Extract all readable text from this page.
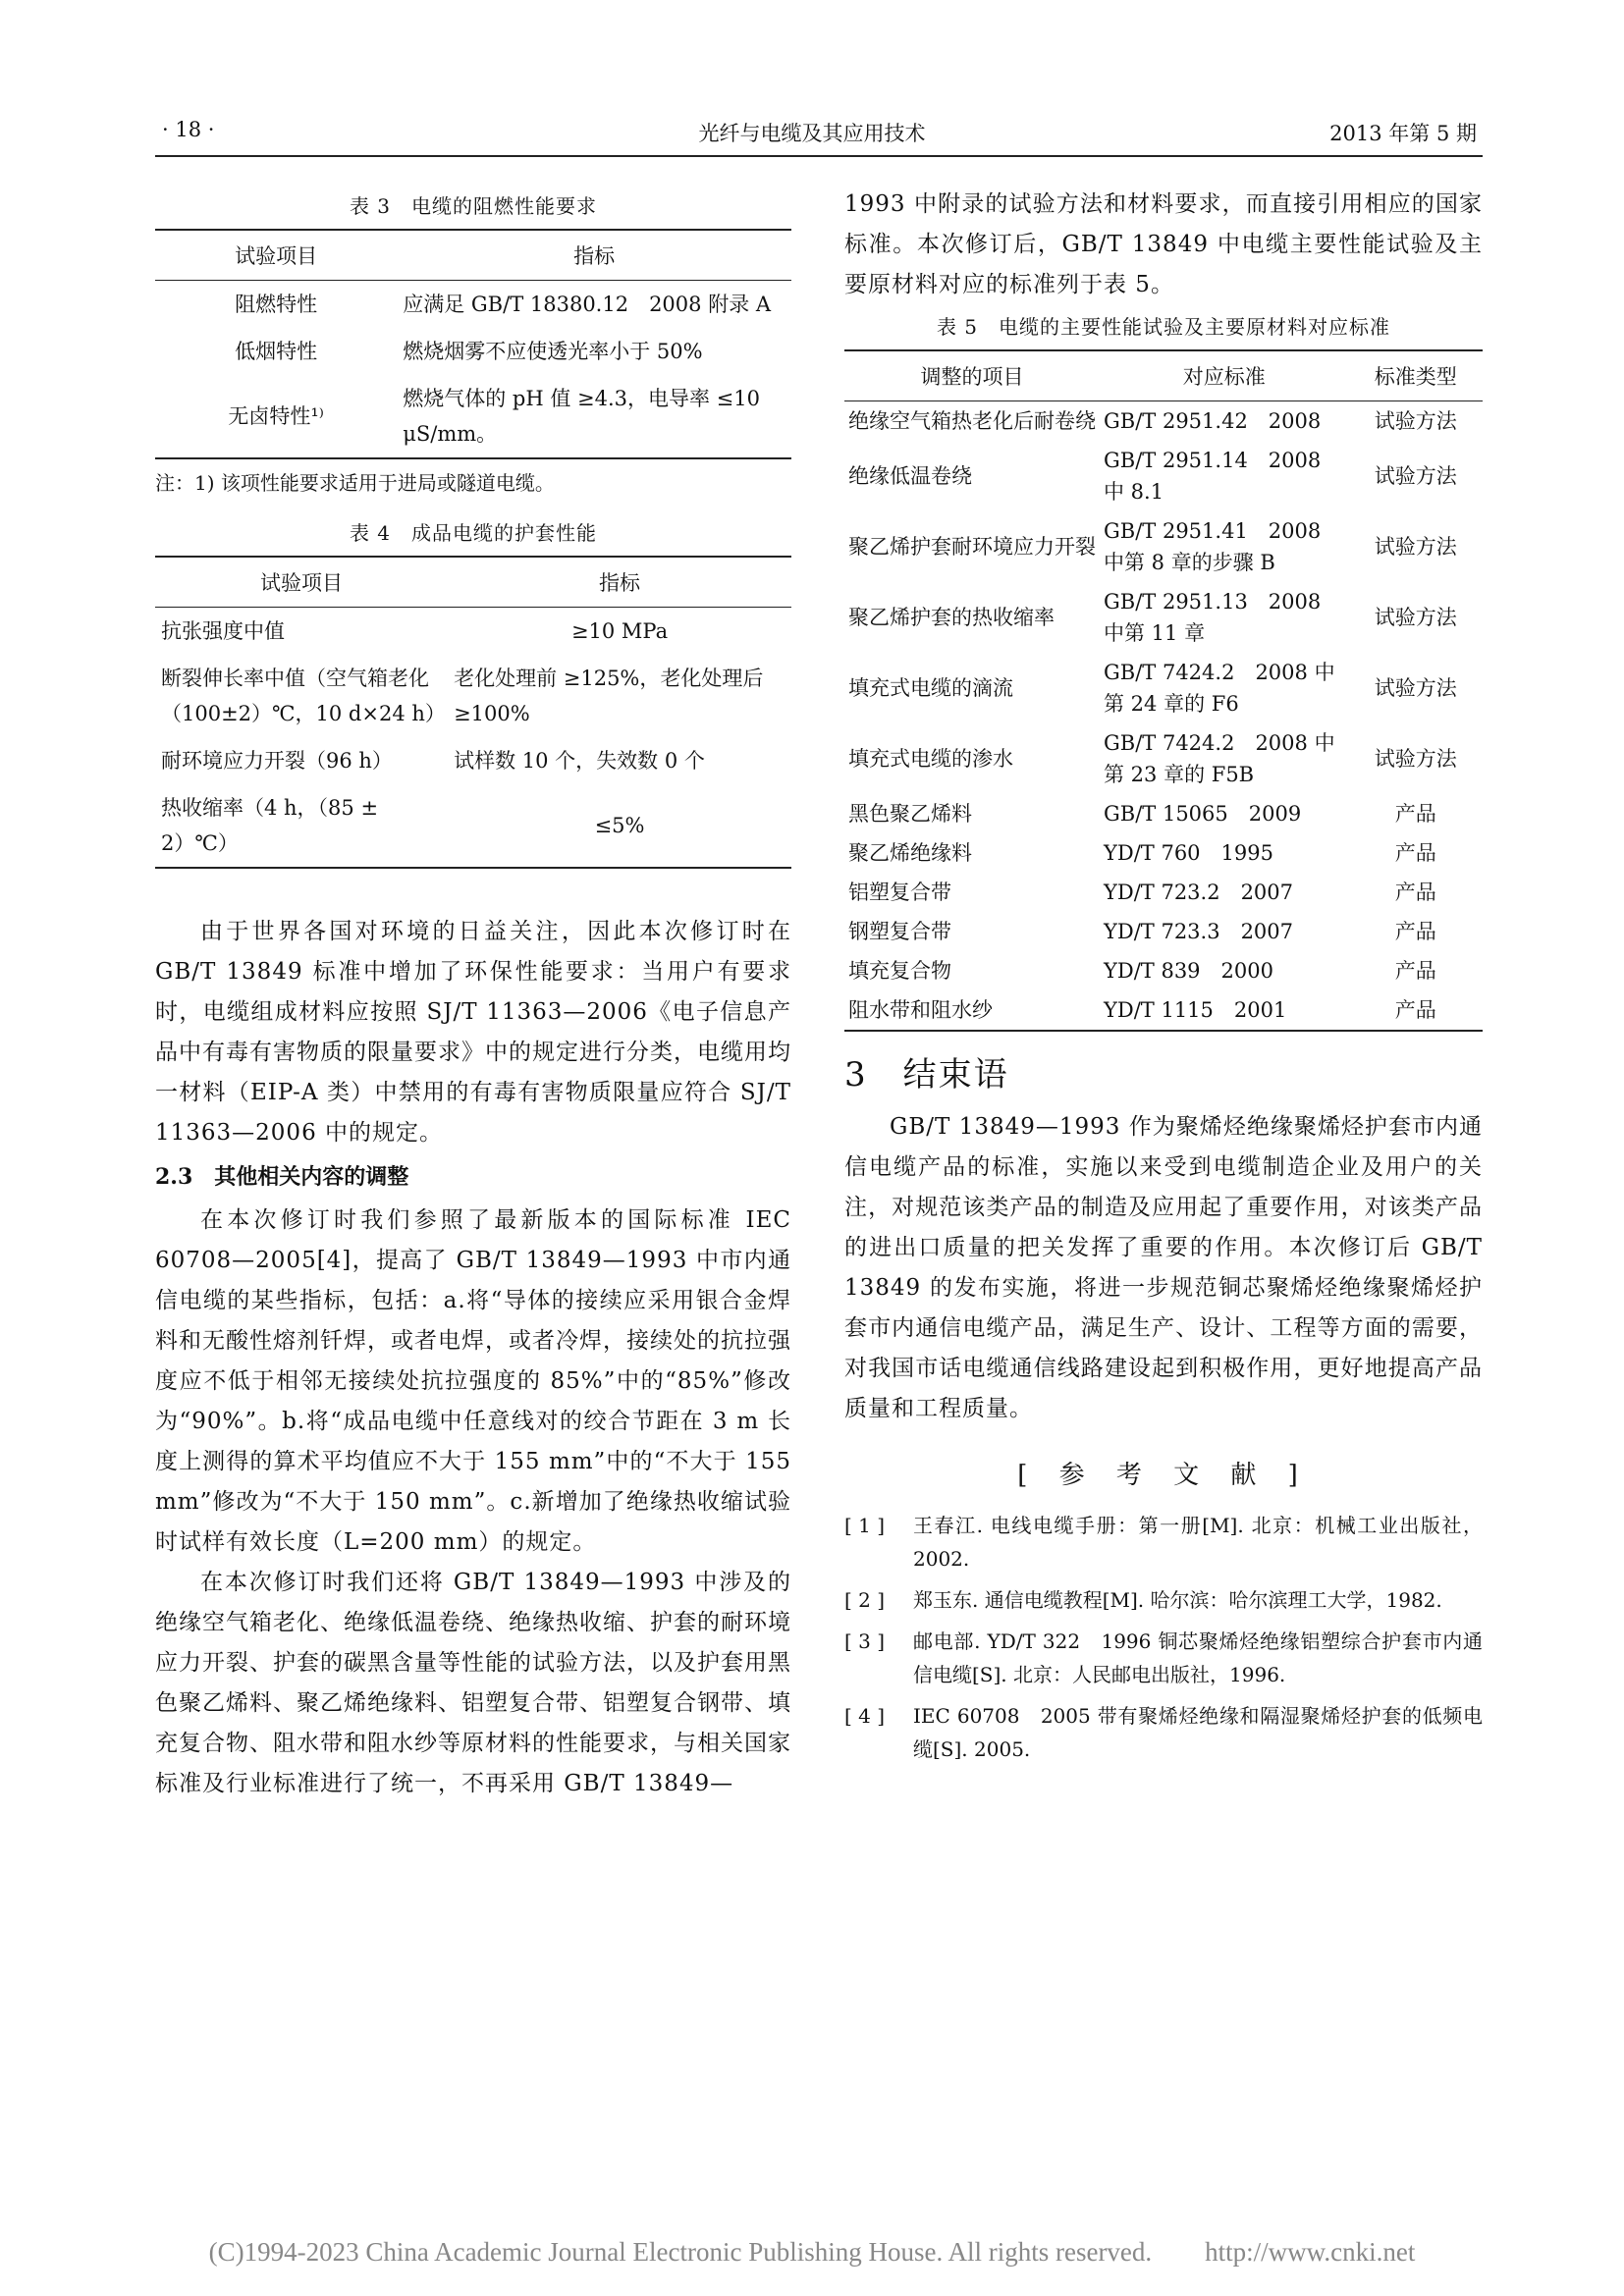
· 18 ·	光纤与电缆及其应用技术	2013 年第 5 期
表 3　电缆的阻燃性能要求
试验项目	指标
阻燃特性	应满足 GB/T 18380.12　2008 附录 A
低烟特性	燃烧烟雾不应使透光率小于 50%
无卤特性¹⁾	燃烧气体的 pH 值 ≥4.3，电导率 ≤10 μS/mm。
注：1) 该项性能要求适用于进局或隧道电缆。
表 4　成品电缆的护套性能
试验项目	指标
抗张强度中值	≥10 MPa
断裂伸长率中值（空气箱老化（100±2）℃，10 d×24 h）	老化处理前 ≥125%，老化处理后 ≥100%
耐环境应力开裂（96 h）	试样数 10 个，失效数 0 个
热收缩率（4 h，（85 ± 2）℃）	≤5%

由于世界各国对环境的日益关注，因此本次修订时在 GB/T 13849 标准中增加了环保性能要求：当用户有要求时，电缆组成材料应按照 SJ/T 11363—2006《电子信息产品中有毒有害物质的限量要求》中的规定进行分类，电缆用均一材料（EIP-A 类）中禁用的有毒有害物质限量应符合 SJ/T 11363—2006 中的规定。

2.3　其他相关内容的调整

在本次修订时我们参照了最新版本的国际标准 IEC 60708—2005[4]，提高了 GB/T 13849—1993 中市内通信电缆的某些指标，包括：a.将“导体的接续应采用银合金焊料和无酸性熔剂钎焊，或者电焊，或者冷焊，接续处的抗拉强度应不低于相邻无接续处抗拉强度的 85%”中的“85%”修改为“90%”。b.将“成品电缆中任意线对的绞合节距在 3 m 长度上测得的算术平均值应不大于 155 mm”中的“不大于 155 mm”修改为“不大于 150 mm”。c.新增加了绝缘热收缩试验时试样有效长度（L=200 mm）的规定。

在本次修订时我们还将 GB/T 13849—1993 中涉及的绝缘空气箱老化、绝缘低温卷绕、绝缘热收缩、护套的耐环境应力开裂、护套的碳黑含量等性能的试验方法，以及护套用黑色聚乙烯料、聚乙烯绝缘料、铝塑复合带、铝塑复合钢带、填充复合物、阻水带和阻水纱等原材料的性能要求，与相关国家标准及行业标准进行了统一，不再采用 GB/T 13849—

1993 中附录的试验方法和材料要求，而直接引用相应的国家标准。本次修订后，GB/T 13849 中电缆主要性能试验及主要原材料对应的标准列于表 5。

表 5　电缆的主要性能试验及主要原材料对应标准
调整的项目	对应标准	标准类型
绝缘空气箱热老化后耐卷绕	GB/T 2951.42　2008	试验方法
绝缘低温卷绕	GB/T 2951.14　2008 中 8.1	试验方法
聚乙烯护套耐环境应力开裂	GB/T 2951.41　2008 中第 8 章的步骤 B	试验方法
聚乙烯护套的热收缩率	GB/T 2951.13　2008 中第 11 章	试验方法
填充式电缆的滴流	GB/T 7424.2　2008 中第 24 章的 F6	试验方法
填充式电缆的渗水	GB/T 7424.2　2008 中第 23 章的 F5B	试验方法
黑色聚乙烯料	GB/T 15065　2009	产品
聚乙烯绝缘料	YD/T 760　1995	产品
铝塑复合带	YD/T 723.2　2007	产品
钢塑复合带	YD/T 723.3　2007	产品
填充复合物	YD/T 839　2000	产品
阻水带和阻水纱	YD/T 1115　2001	产品
3　结束语

GB/T 13849—1993 作为聚烯烃绝缘聚烯烃护套市内通信电缆产品的标准，实施以来受到电缆制造企业及用户的关注，对规范该类产品的制造及应用起了重要作用，对该类产品的进出口质量的把关发挥了重要的作用。本次修订后 GB/T 13849 的发布实施，将进一步规范铜芯聚烯烃绝缘聚烯烃护套市内通信电缆产品，满足生产、设计、工程等方面的需要，对我国市话电缆通信线路建设起到积极作用，更好地提高产品质量和工程质量。

[ 参 考 文 献 ]
[ 1 ]	王春江. 电线电缆手册：第一册[M]. 北京：机械工业出版社，2002.
[ 2 ]	郑玉东. 通信电缆教程[M]. 哈尔滨：哈尔滨理工大学，1982.
[ 3 ]	邮电部. YD/T 322　1996 铜芯聚烯烃绝缘铝塑综合护套市内通信电缆[S]. 北京：人民邮电出版社，1996.
[ 4 ]	IEC 60708　2005 带有聚烯烃绝缘和隔湿聚烯烃护套的低频电缆[S]. 2005.
(C)1994-2023 China Academic Journal Electronic Publishing House. All rights reserved.　　http://www.cnki.net
